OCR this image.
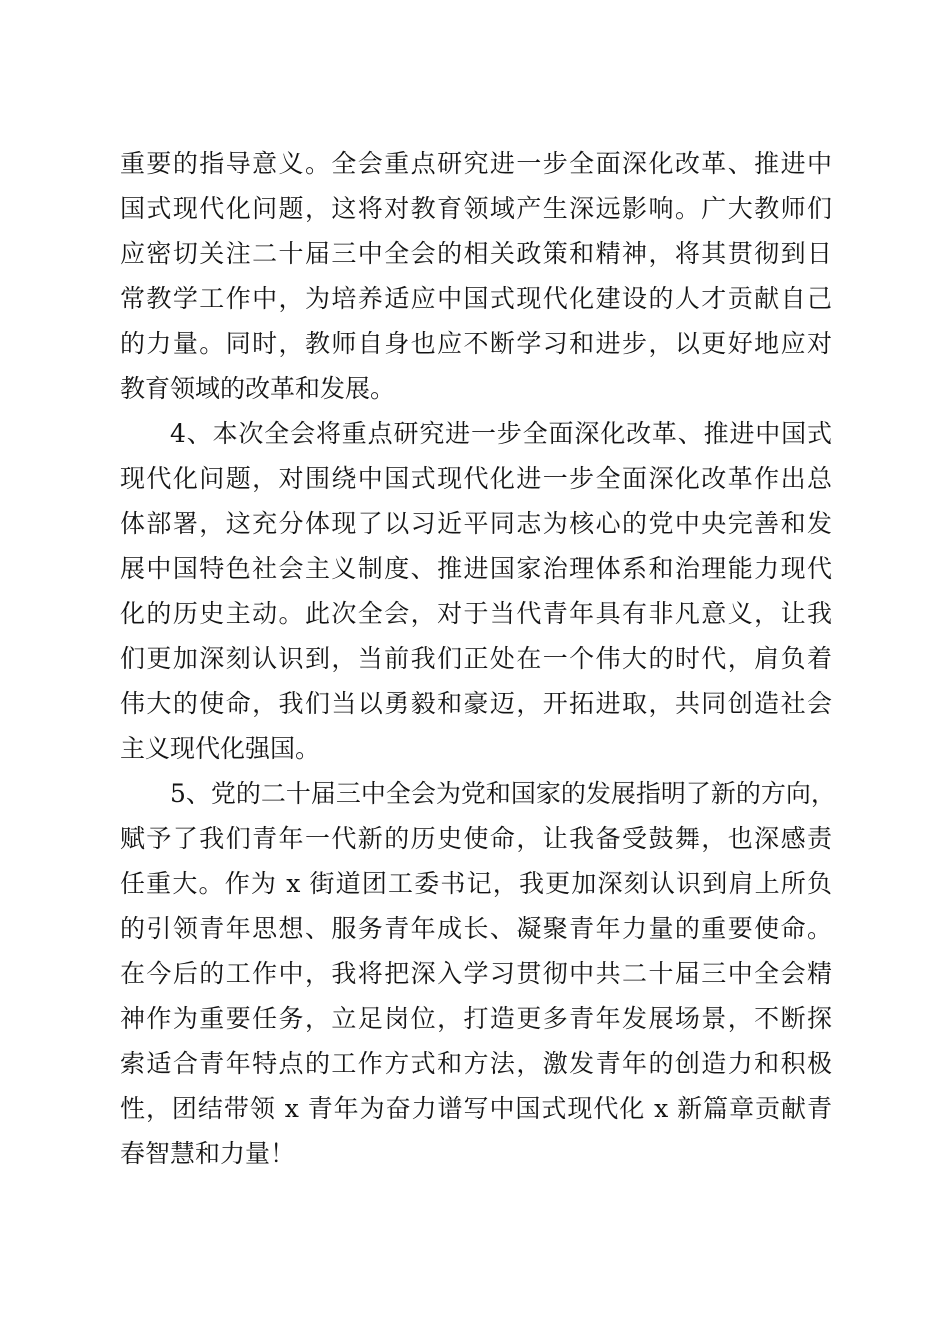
重要的指导意义。全会重点研究进一步全面深化改革、推进中

国式现代化问题，这将对教育领域产生深远影响。广大教师们

应密切关注二十届三中全会的相关政策和精神，将其贯彻到日

常教学工作中，为培养适应中国式现代化建设的人才贡献自己

的力量。同时，教师自身也应不断学习和进步，以更好地应对

教育领域的改革和发展。

4、本次全会将重点研究进一步全面深化改革、推进中国式

现代化问题，对围绕中国式现代化进一步全面深化改革作出总

体部署，这充分体现了以习近平同志为核心的党中央完善和发

展中国特色社会主义制度、推进国家治理体系和治理能力现代

化的历史主动。此次全会，对于当代青年具有非凡意义，让我

们更加深刻认识到，当前我们正处在一个伟大的时代，肩负着

伟大的使命，我们当以勇毅和豪迈，开拓进取，共同创造社会

主义现代化强国。

5、党的二十届三中全会为党和国家的发展指明了新的方向，

赋予了我们青年一代新的历史使命，让我备受鼓舞，也深感责

任重大。作为 x 街道团工委书记，我更加深刻认识到肩上所负

的引领青年思想、服务青年成长、凝聚青年力量的重要使命。

在今后的工作中，我将把深入学习贯彻中共二十届三中全会精

神作为重要任务，立足岗位，打造更多青年发展场景，不断探

索适合青年特点的工作方式和方法，激发青年的创造力和积极

性，团结带领 x 青年为奋力谱写中国式现代化 x 新篇章贡献青

春智慧和力量！
